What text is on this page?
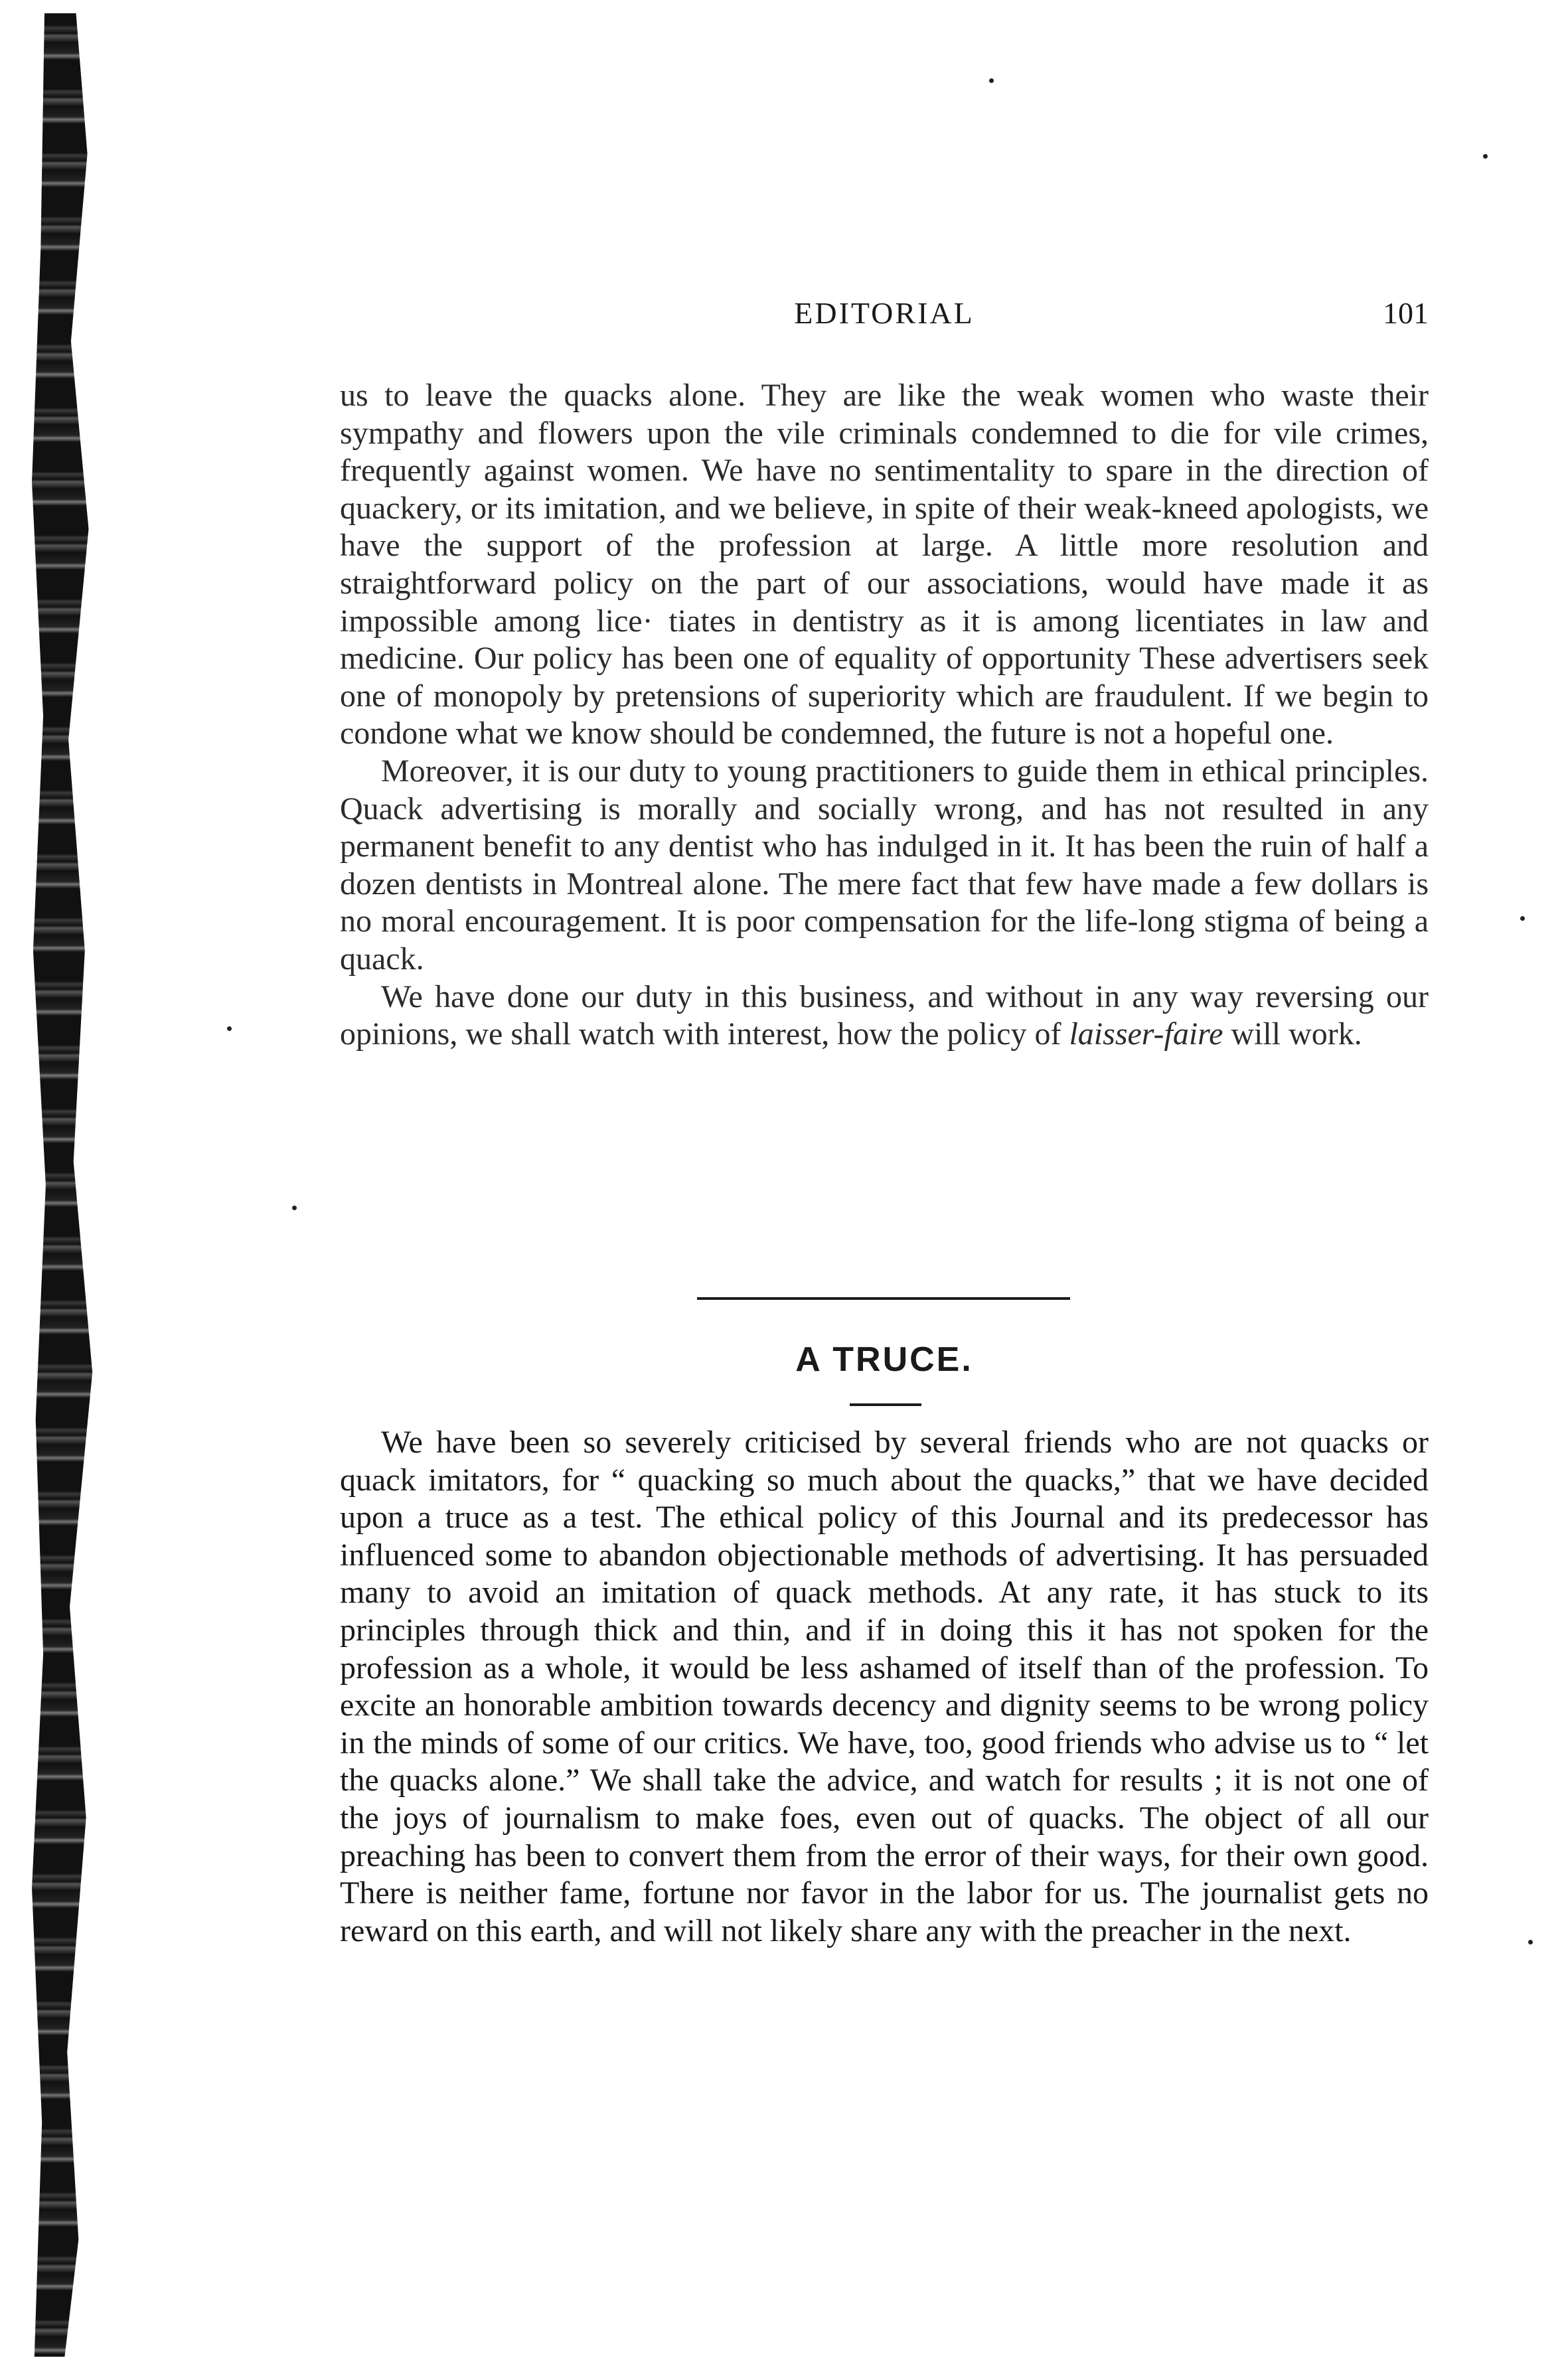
EDITORIAL	101

us to leave the quacks alone. They are like the weak women who waste their sympathy and flowers upon the vile criminals condemned to die for vile crimes, frequently against women. We have no sentimentality to spare in the direction of quackery, or its imitation, and we believe, in spite of their weak-kneed apologists, we have the support of the profession at large. A little more resolution and straightforward policy on the part of our associations, would have made it as impossible among lice· tiates in dentistry as it is among licentiates in law and medicine. Our policy has been one of equality of opportunity These advertisers seek one of monopoly by pretensions of superiority which are fraudulent. If we begin to condone what we know should be condemned, the future is not a hopeful one.

Moreover, it is our duty to young practitioners to guide them in ethical principles. Quack advertising is morally and socially wrong, and has not resulted in any permanent benefit to any dentist who has indulged in it. It has been the ruin of half a dozen dentists in Montreal alone. The mere fact that few have made a few dollars is no moral encouragement. It is poor compensation for the life-long stigma of being a quack.

We have done our duty in this business, and without in any way reversing our opinions, we shall watch with interest, how the policy of laisser-faire will work.

A TRUCE.

We have been so severely criticised by several friends who are not quacks or quack imitators, for “ quacking so much about the quacks,” that we have decided upon a truce as a test. The ethical policy of this Journal and its predecessor has influenced some to abandon objectionable methods of advertising. It has persuaded many to avoid an imitation of quack methods. At any rate, it has stuck to its principles through thick and thin, and if in doing this it has not spoken for the profession as a whole, it would be less ashamed of itself than of the profession. To excite an honorable ambition towards decency and dignity seems to be wrong policy in the minds of some of our critics. We have, too, good friends who advise us to “ let the quacks alone.” We shall take the advice, and watch for results ; it is not one of the joys of journalism to make foes, even out of quacks. The object of all our preaching has been to convert them from the error of their ways, for their own good. There is neither fame, fortune nor favor in the labor for us. The journalist gets no reward on this earth, and will not likely share any with the preacher in the next.
